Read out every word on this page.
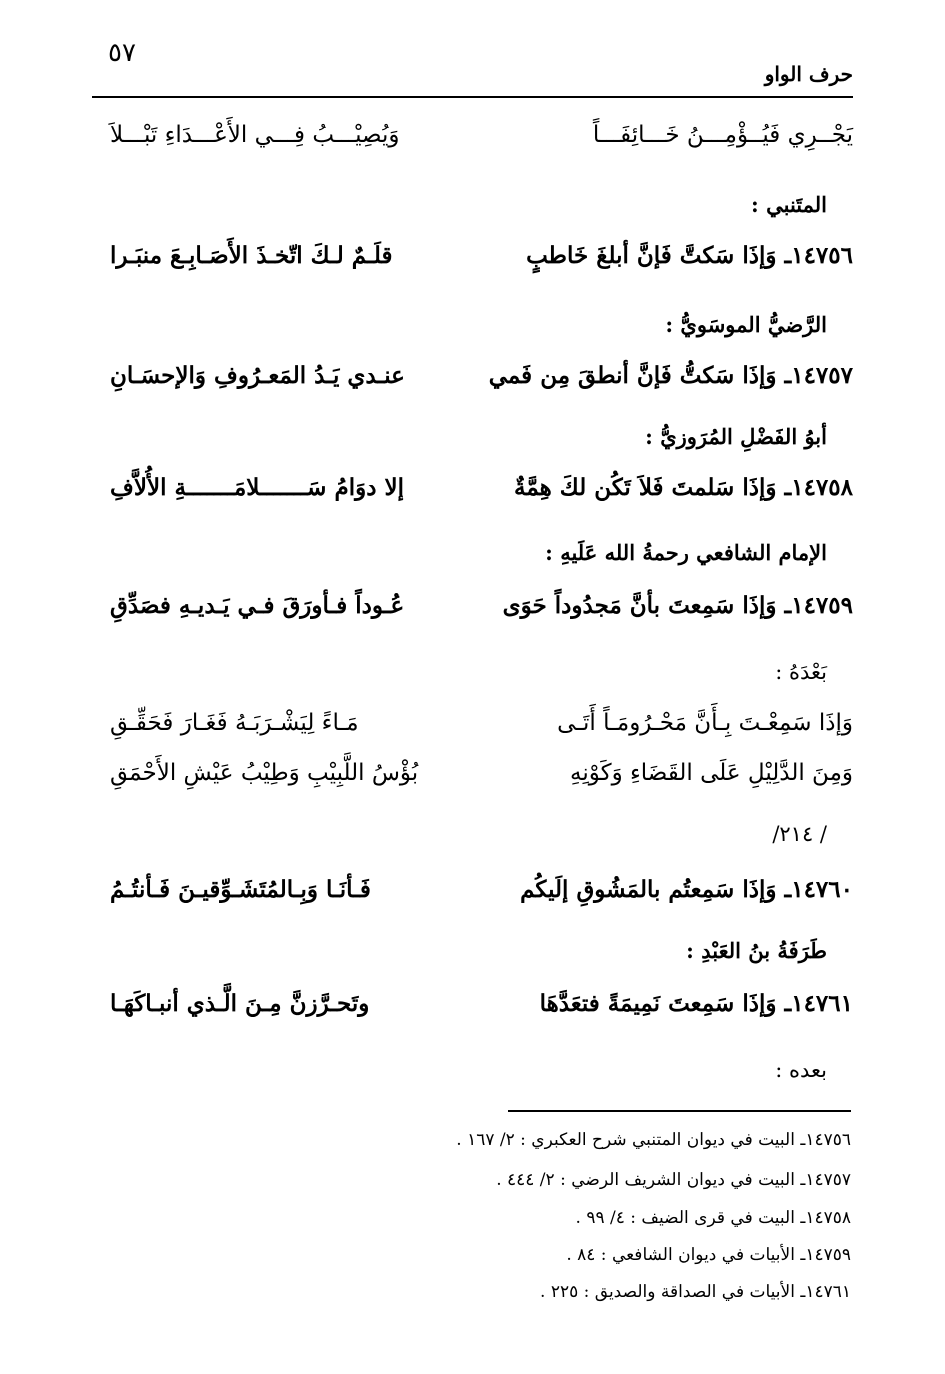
٥٧
حرف الواو
يَجْــرِي فَيُــؤْمِـــنُ خَـــائِفَـــاً
وَيُصِيْـــبُ فِـــي الأَعْـــدَاءِ تَبْـــلاَ
المتَنبي :
١٤٧٥٦ـ وَإذَا سَكتَّ فَإنَّ أبلغَ خَاطبٍ
قلَـمٌ لـكَ اتّخـذَ الأَصَـابِـعَ منبَـرا
الرَّضيُّ الموسَويُّ :
١٤٧٥٧ـ وَإذَا سَكتُّ فَإنَّ أنطقَ مِن فَمي
عنـدي يَـدُ المَعـرُوفِ وَالإحسَـانِ
أبوُ الفَضْلِ المُرَوزيُّ :
١٤٧٥٨ـ وَإذَا سَلمتَ فَلاَ تَكُن لكَ هِمَّةٌ
إلا دوَامُ سَـــــــلامَـــــــةِ الأُلاَّفِ
الإمام الشافعي رحمةُ الله عَلَيهِ :
١٤٧٥٩ـ وَإذَا سَمِعتَ بأنَّ مَجدُوداً حَوَى
عُـوداً فـأورَقَ فـي يَـديـهِ فصَدِّقِ
بَعْدَهُ :
وَإذَا سَمِعْـتَ بِـأَنَّ مَحْـرُومَـاً أَتَـى
مَـاءً لِيَشْـرَبَـهُ فَغَـارَ فَحَقِّـقِ
وَمِنَ الدَّلِيْلِ عَلَى القَضَاءِ وَكَوْنِهِ
بُؤْسُ اللَّبِيْبِ وَطِيْبُ عَيْشِ الأَحْمَقِ
/ ٢١٤/
١٤٧٦٠ـ وَإذَا سَمِعتُم بالمَشُوقِ إلَيكُم
فَـأنَـا وَبِـالمُتَشَـوِّقيـنَ فَـأنتُـمُ
طَرَفَةُ بنُ العَبْدِ :
١٤٧٦١ـ وَإذَا سَمِعتَ نَمِيمَةً فتعَدَّهَا
وتَحـرَّزنَّ مِـنَ الَّـذي أنبـاكَهَـا
بعده :
١٤٧٥٦ـ البيت في ديوان المتنبي شرح العكبري : ٢/ ١٦٧ .
١٤٧٥٧ـ البيت في ديوان الشريف الرضي : ٢/ ٤٤٤ .
١٤٧٥٨ـ البيت في قرى الضيف : ٤/ ٩٩ .
١٤٧٥٩ـ الأبيات في ديوان الشافعي : ٨٤ .
١٤٧٦١ـ الأبيات في الصداقة والصديق : ٢٢٥ .
